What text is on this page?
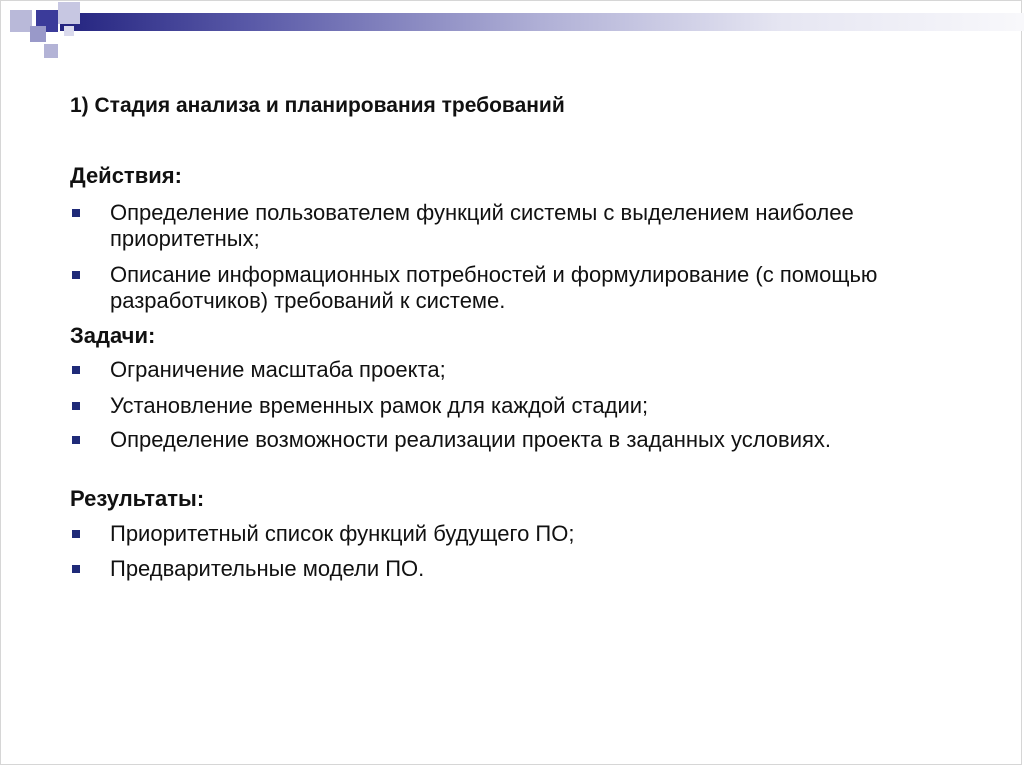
1) Стадия анализа и планирования требований
Действия:
Определение пользователем функций системы с выделением наиболее приоритетных;
Описание информационных потребностей и формулирование (с помощью разработчиков) требований к системе.
Задачи:
Ограничение масштаба проекта;
Установление временных рамок для каждой стадии;
Определение возможности реализации проекта в заданных условиях.
Результаты:
Приоритетный список функций будущего ПО;
Предварительные модели ПО.
